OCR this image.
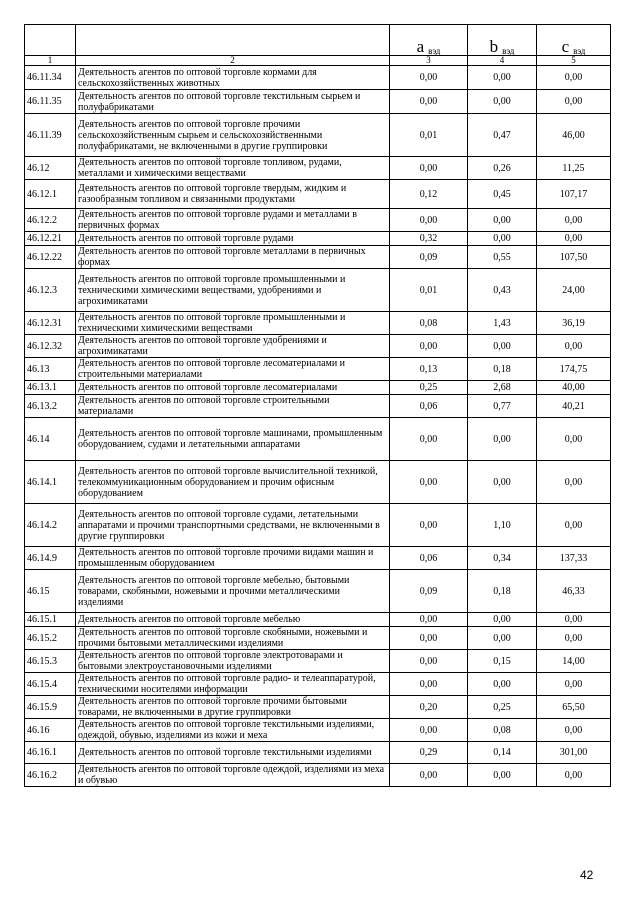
		a вэд	b вэд	с вэд
1	2	3	4	5
46.11.34	Деятельность агентов по оптовой торговле кормами для сельскохозяйственных животных	0,00	0,00	0,00
46.11.35	Деятельность агентов по оптовой торговле текстильным сырьем и полуфабрикатами	0,00	0,00	0,00
46.11.39	Деятельность агентов по оптовой торговле прочими сельскохозяйственным сырьем и сельскохозяйственными полуфабрикатами, не включенными в другие группировки	0,01	0,47	46,00
46.12	Деятельность агентов по оптовой торговле топливом, рудами, металлами и химическими веществами	0,00	0,26	11,25
46.12.1	Деятельность агентов по оптовой торговле твердым, жидким и газообразным топливом и связанными продуктами	0,12	0,45	107,17
46.12.2	Деятельность агентов по оптовой торговле рудами и металлами в первичных формах	0,00	0,00	0,00
46.12.21	Деятельность агентов по оптовой торговле рудами	0,32	0,00	0,00
46.12.22	Деятельность агентов по оптовой торговле металлами в первичных формах	0,09	0,55	107,50
46.12.3	Деятельность агентов по оптовой торговле промышленными и техническими химическими веществами, удобрениями и агрохимикатами	0,01	0,43	24,00
46.12.31	Деятельность агентов по оптовой торговле промышленными и техническими химическими веществами	0,08	1,43	36,19
46.12.32	Деятельность агентов по оптовой торговле удобрениями и агрохимикатами	0,00	0,00	0,00
46.13	Деятельность агентов по оптовой торговле лесоматериалами и строительными материалами	0,13	0,18	174,75
46.13.1	Деятельность агентов по оптовой торговле лесоматериалами	0,25	2,68	40,00
46.13.2	Деятельность агентов по оптовой торговле строительными материалами	0,06	0,77	40,21
46.14	Деятельность агентов по оптовой торговле машинами, промышленным оборудованием, судами и летательными аппаратами	0,00	0,00	0,00
46.14.1	Деятельность агентов по оптовой торговле вычислительной техникой, телекоммуникационным оборудованием и прочим офисным оборудованием	0,00	0,00	0,00
46.14.2	Деятельность агентов по оптовой торговле судами, летательными аппаратами и прочими транспортными средствами, не включенными в другие группировки	0,00	1,10	0,00
46.14.9	Деятельность агентов по оптовой торговле прочими видами машин и промышленным оборудованием	0,06	0,34	137,33
46.15	Деятельность агентов по оптовой торговле мебелью, бытовыми товарами, скобяными, ножевыми и прочими металлическими изделиями	0,09	0,18	46,33
46.15.1	Деятельность агентов по оптовой торговле мебелью	0,00	0,00	0,00
46.15.2	Деятельность агентов по оптовой торговле скобяными, ножевыми и прочими бытовыми металлическими изделиями	0,00	0,00	0,00
46.15.3	Деятельность агентов по оптовой торговле электротоварами и бытовыми электроустановочными изделиями	0,00	0,15	14,00
46.15.4	Деятельность агентов по оптовой торговле радио- и телеаппаратурой, техническими носителями информации	0,00	0,00	0,00
46.15.9	Деятельность агентов по оптовой торговле прочими бытовыми товарами, не включенными в другие группировки	0,20	0,25	65,50
46.16	Деятельность агентов по оптовой торговле текстильными изделиями, одеждой, обувью, изделиями из кожи и меха	0,00	0,08	0,00
46.16.1	Деятельность агентов по оптовой торговле текстильными изделиями	0,29	0,14	301,00
46.16.2	Деятельность агентов по оптовой торговле одеждой, изделиями из меха и обувью	0,00	0,00	0,00
42
